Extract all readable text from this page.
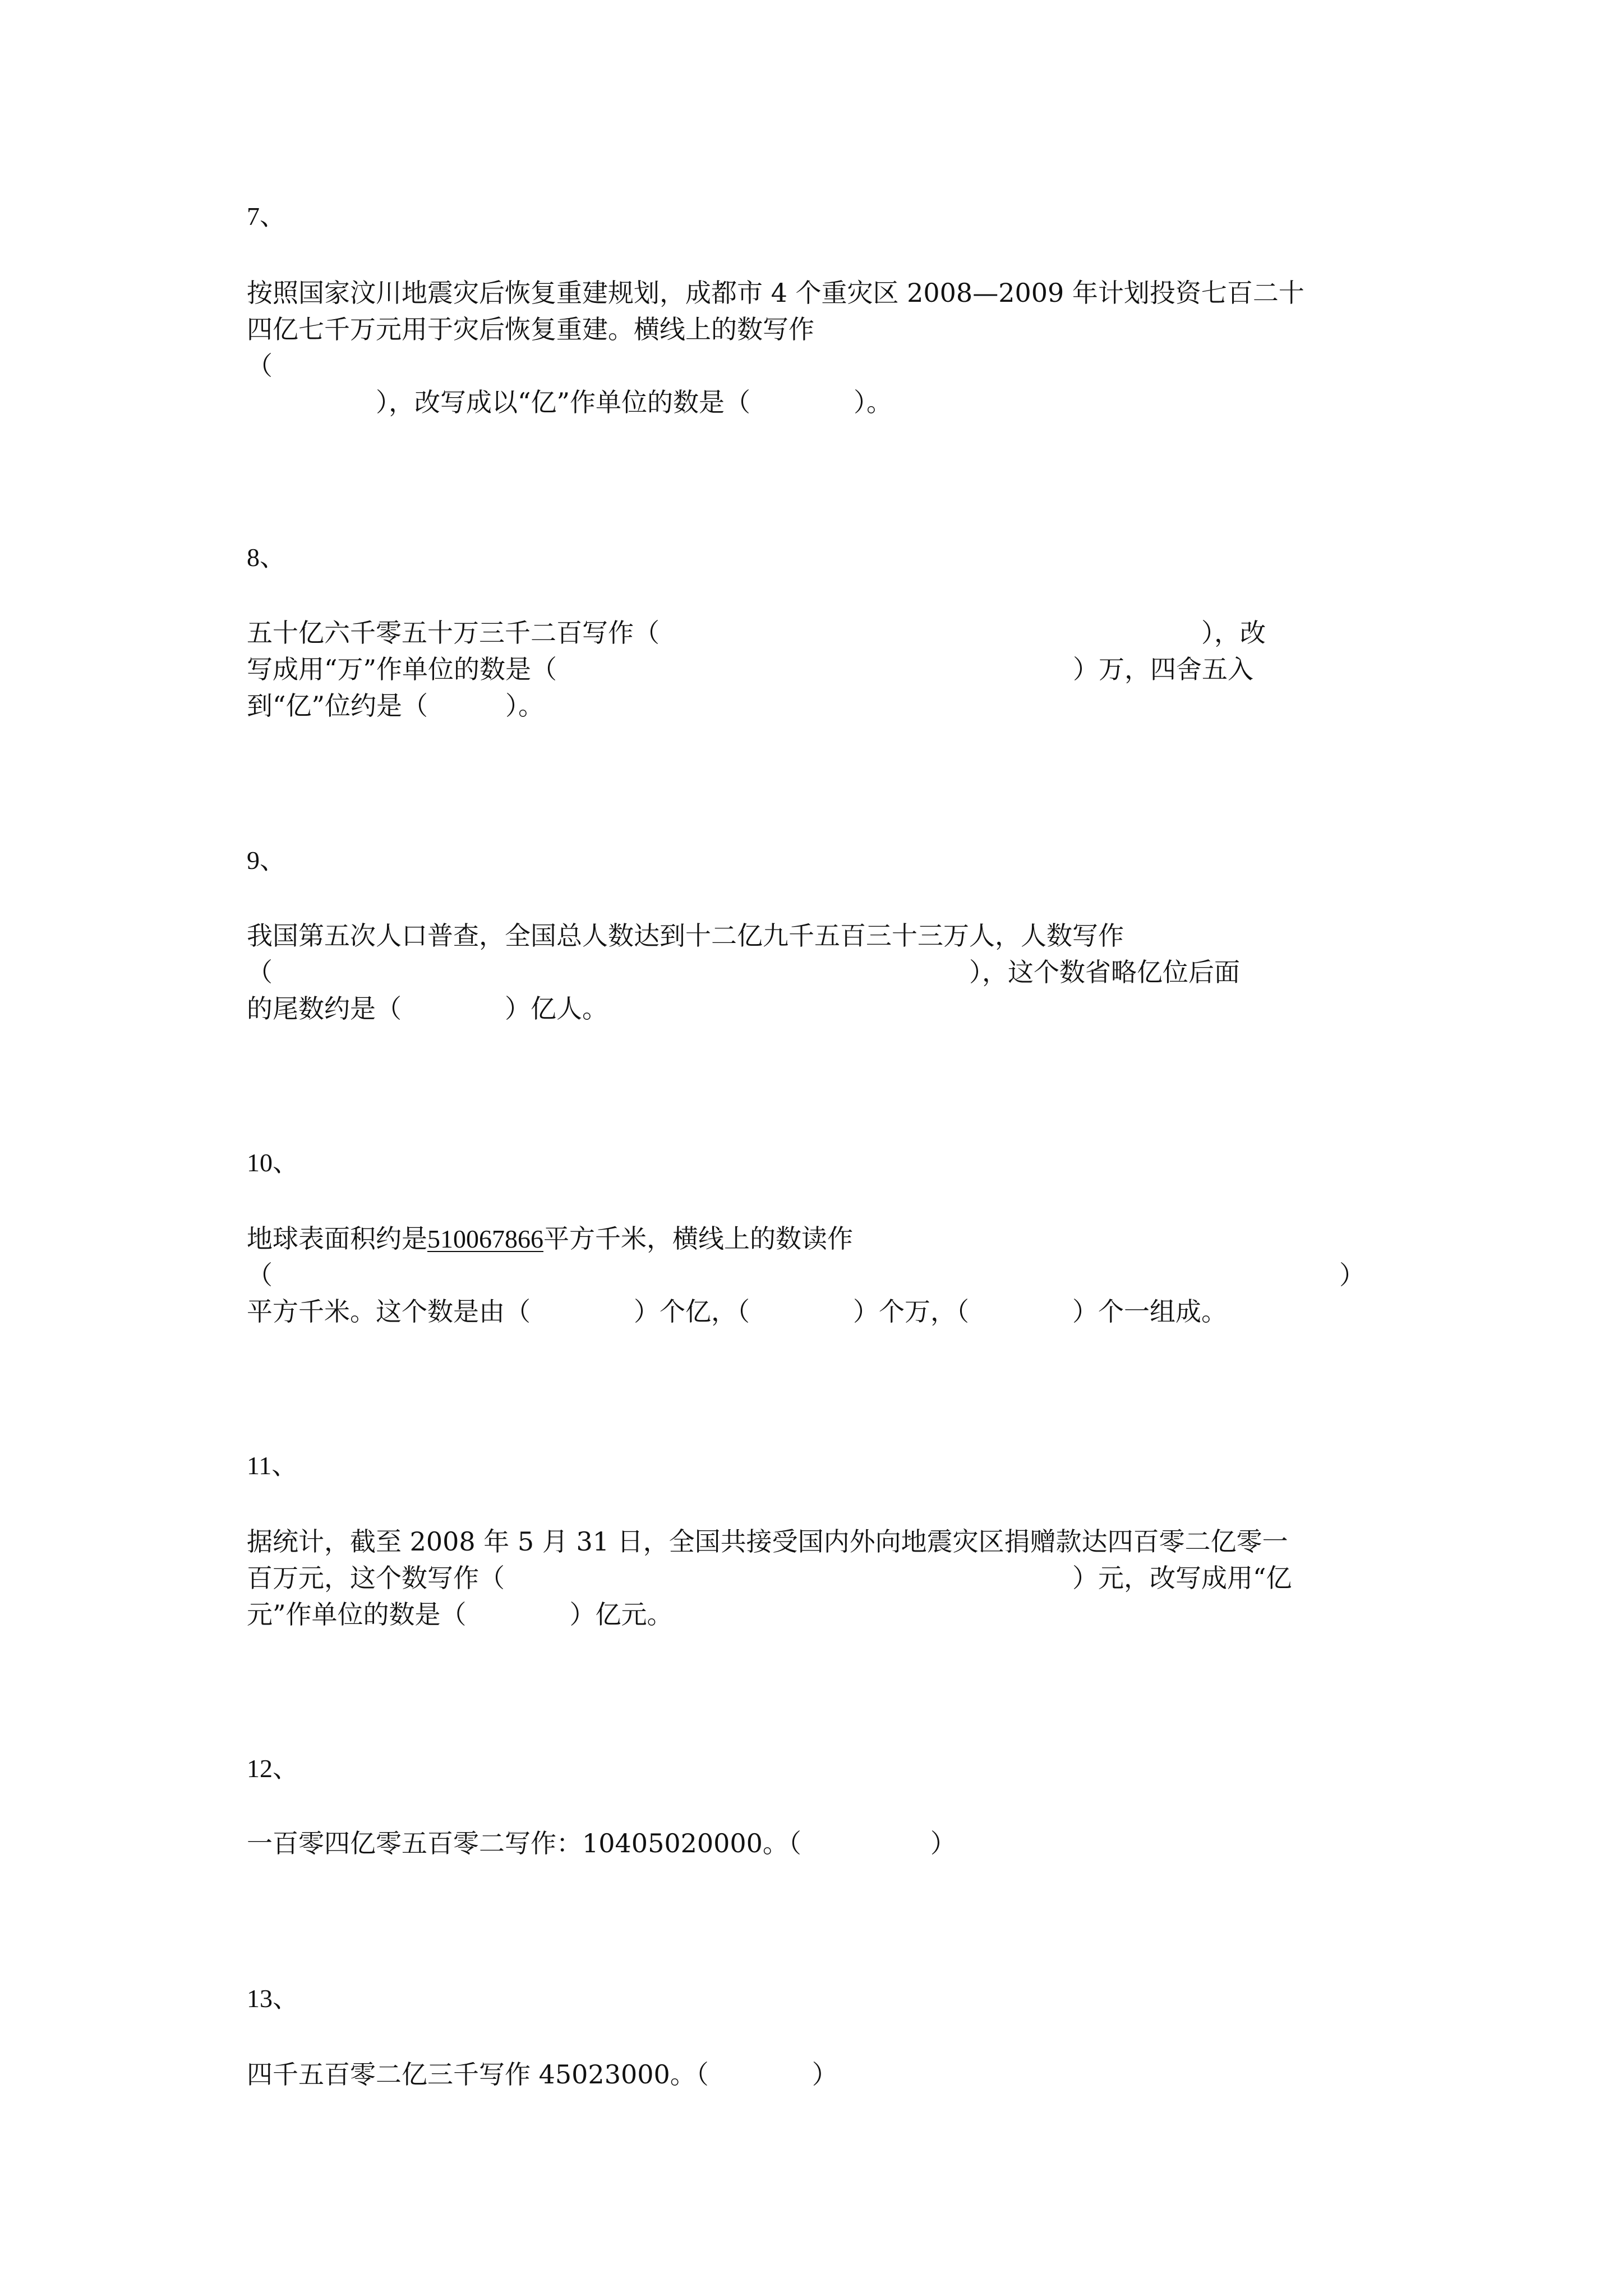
7、
按照国家汶川地震灾后恢复重建规划，成都市 4 个重灾区 2008—2009 年计划投资七百二十
四亿七千万元用于灾后恢复重建。横线上的数写作
（
　　　　　），改写成以“亿”作单位的数是（　　　　）。
8、
五十亿六千零五十万三千二百写作（　　　　　　　　　　　　　　　　　　　　　），改
写成用“万”作单位的数是（　　　　　　　　　　　　　　　　　　　　）万，四舍五入
到“亿”位约是（　　　）。
9、
我国第五次人口普查，全国总人数达到十二亿九千五百三十三万人，人数写作
（　　　　　　　　　　　　　　　　　　　　　　　　　　　），这个数省略亿位后面
的尾数约是（　　　　）亿人。
10、
地球表面积约是510067866平方千米，横线上的数读作
（	）
平方千米。这个数是由（　　　　）个亿，（　　　　）个万，（　　　　）个一组成。
11、
据统计，截至 2008 年 5 月 31 日，全国共接受国内外向地震灾区捐赠款达四百零二亿零一
百万元，这个数写作（　　　　　　　　　　　　　　　　　　　　　　）元，改写成用“亿
元”作单位的数是（　　　　）亿元。
12、
一百零四亿零五百零二写作：10405020000。（　　　　　）
13、
四千五百零二亿三千写作 45023000。（　　　　）
